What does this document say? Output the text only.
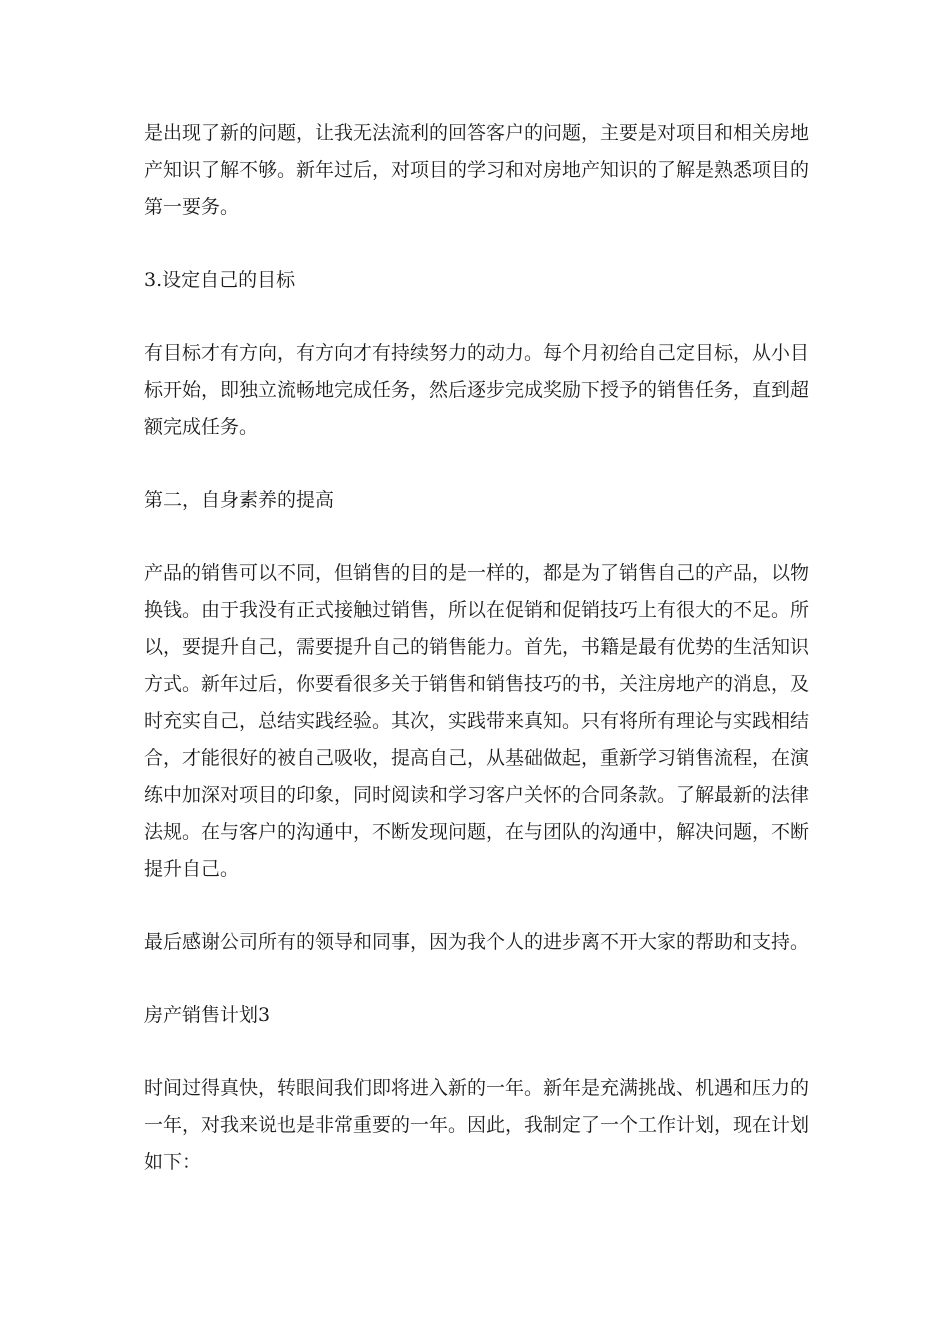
是出现了新的问题，让我无法流利的回答客户的问题，主要是对项目和相关房地产知识了解不够。新年过后，对项目的学习和对房地产知识的了解是熟悉项目的第一要务。

3.设定自己的目标

有目标才有方向，有方向才有持续努力的动力。每个月初给自己定目标，从小目标开始，即独立流畅地完成任务，然后逐步完成奖励下授予的销售任务，直到超额完成任务。

第二，自身素养的提高

产品的销售可以不同，但销售的目的是一样的，都是为了销售自己的产品，以物换钱。由于我没有正式接触过销售，所以在促销和促销技巧上有很大的不足。所以，要提升自己，需要提升自己的销售能力。首先，书籍是最有优势的生活知识方式。新年过后，你要看很多关于销售和销售技巧的书，关注房地产的消息，及时充实自己，总结实践经验。其次，实践带来真知。只有将所有理论与实践相结合，才能很好的被自己吸收，提高自己，从基础做起，重新学习销售流程，在演练中加深对项目的印象，同时阅读和学习客户关怀的合同条款。了解最新的法律法规。在与客户的沟通中，不断发现问题，在与团队的沟通中，解决问题，不断提升自己。

最后感谢公司所有的领导和同事，因为我个人的进步离不开大家的帮助和支持。

房产销售计划3

时间过得真快，转眼间我们即将进入新的一年。新年是充满挑战、机遇和压力的一年，对我来说也是非常重要的一年。因此，我制定了一个工作计划，现在计划如下：
